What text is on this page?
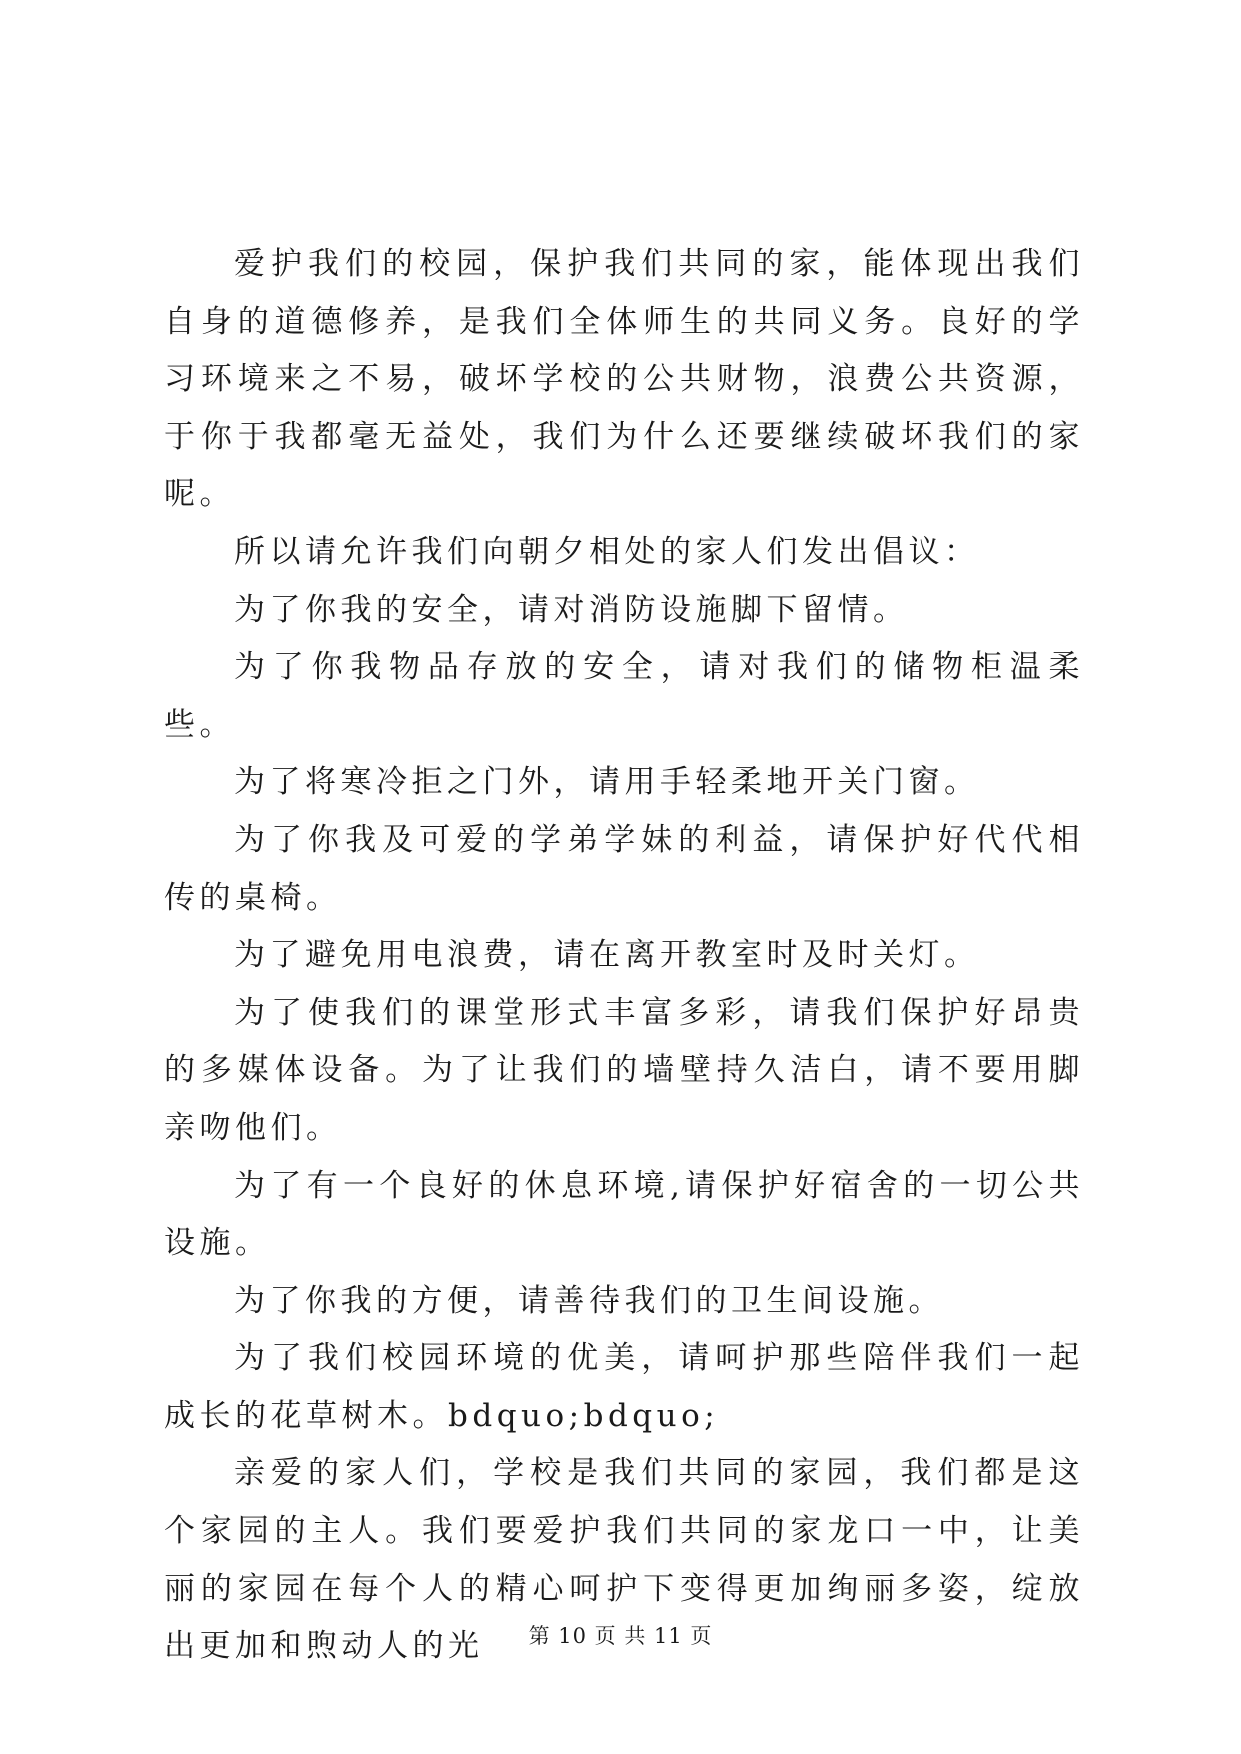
爱护我们的校园，保护我们共同的家，能体现出我们自身的道德修养，是我们全体师生的共同义务。良好的学习环境来之不易，破坏学校的公共财物，浪费公共资源，于你于我都毫无益处，我们为什么还要继续破坏我们的家呢。

所以请允许我们向朝夕相处的家人们发出倡议：

为了你我的安全，请对消防设施脚下留情。

为了你我物品存放的安全，请对我们的储物柜温柔些。

为了将寒冷拒之门外，请用手轻柔地开关门窗。

为了你我及可爱的学弟学妹的利益，请保护好代代相传的桌椅。

为了避免用电浪费，请在离开教室时及时关灯。

为了使我们的课堂形式丰富多彩，请我们保护好昂贵的多媒体设备。为了让我们的墙壁持久洁白，请不要用脚亲吻他们。

为了有一个良好的休息环境,请保护好宿舍的一切公共设施。

为了你我的方便，请善待我们的卫生间设施。

为了我们校园环境的优美，请呵护那些陪伴我们一起成长的花草树木。bdquo;bdquo;

亲爱的家人们，学校是我们共同的家园，我们都是这个家园的主人。我们要爱护我们共同的家龙口一中，让美丽的家园在每个人的精心呵护下变得更加绚丽多姿，绽放出更加和煦动人的光	第 10 页 共 11 页
